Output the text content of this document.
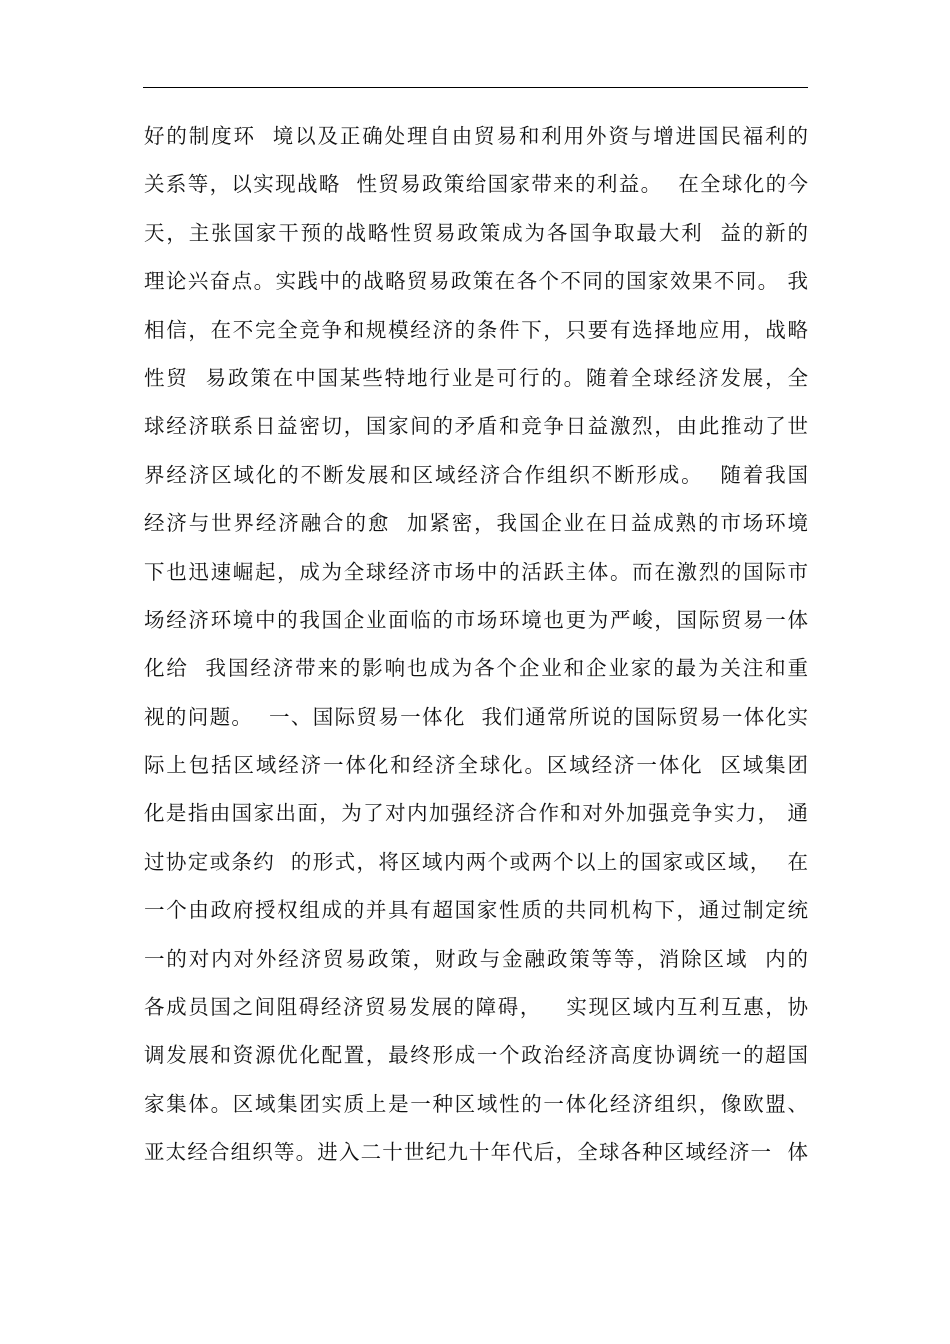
好的制度环  境以及正确处理自由贸易和利用外资与增进国民福利的
关系等，以实现战略  性贸易政策给国家带来的利益。  在全球化的今
天，主张国家干预的战略性贸易政策成为各国争取最大利  益的新的
理论兴奋点。实践中的战略贸易政策在各个不同的国家效果不同。 我
相信，在不完全竞争和规模经济的条件下，只要有选择地应用，战略
性贸  易政策在中国某些特地行业是可行的。随着全球经济发展，全
球经济联系日益密切，国家间的矛盾和竞争日益激烈，由此推动了世
界经济区域化的不断发展和区域经济合作组织不断形成。  随着我国
经济与世界经济融合的愈  加紧密，我国企业在日益成熟的市场环境
下也迅速崛起，成为全球经济市场中的活跃主体。而在激烈的国际市
场经济环境中的我国企业面临的市场环境也更为严峻，国际贸易一体
化给  我国经济带来的影响也成为各个企业和企业家的最为关注和重
视的问题。  一、国际贸易一体化  我们通常所说的国际贸易一体化实
际上包括区域经济一体化和经济全球化。区域经济一体化  区域集团
化是指由国家出面，为了对内加强经济合作和对外加强竞争实力， 通
过协定或条约  的形式，将区域内两个或两个以上的国家或区域，  在
一个由政府授权组成的并具有超国家性质的共同机构下，通过制定统
一的对内对外经济贸易政策，财政与金融政策等等，消除区域  内的
各成员国之间阻碍经济贸易发展的障碍，   实现区域内互利互惠，协
调发展和资源优化配置，最终形成一个政治经济高度协调统一的超国
家集体。区域集团实质上是一种区域性的一体化经济组织，像欧盟、
亚太经合组织等。进入二十世纪九十年代后，全球各种区域经济一  体
